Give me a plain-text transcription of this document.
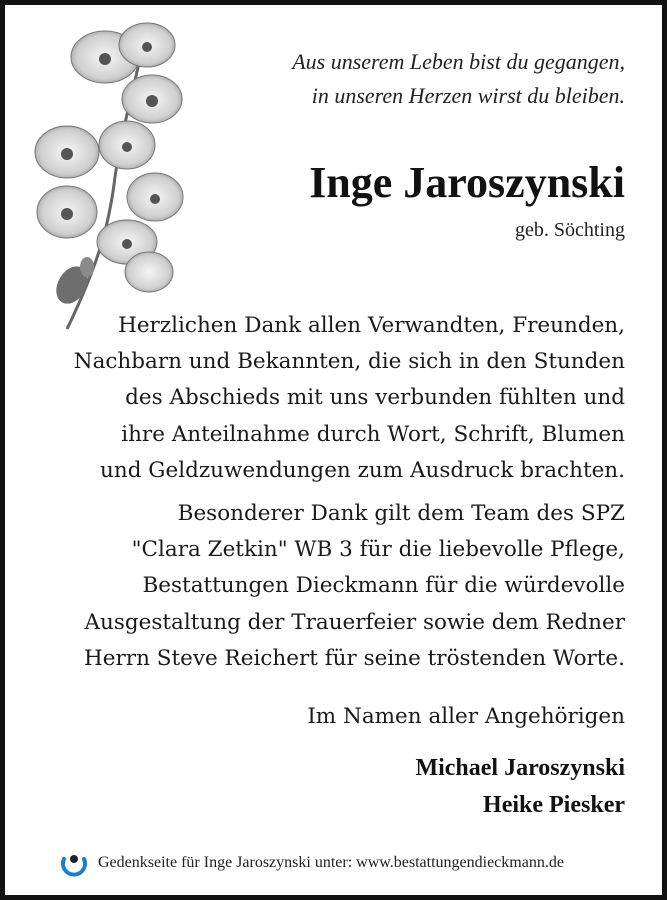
Aus unserem Leben bist du gegangen,
in unseren Herzen wirst du bleiben.
Inge Jaroszynski
geb. Söchting
Herzlichen Dank allen Verwandten, Freunden,
Nachbarn und Bekannten, die sich in den Stunden
des Abschieds mit uns verbunden fühlten und
ihre Anteilnahme durch Wort, Schrift, Blumen
und Geldzuwendungen zum Ausdruck brachten.
Besonderer Dank gilt dem Team des SPZ
"Clara Zetkin" WB 3 für die liebevolle Pflege,
Bestattungen Dieckmann für die würdevolle
Ausgestaltung der Trauerfeier sowie dem Redner
Herrn Steve Reichert für seine tröstenden Worte.
Im Namen aller Angehörigen
Michael Jaroszynski
Heike Piesker
Gedenkseite für Inge Jaroszynski unter: www.bestattungendieckmann.de
